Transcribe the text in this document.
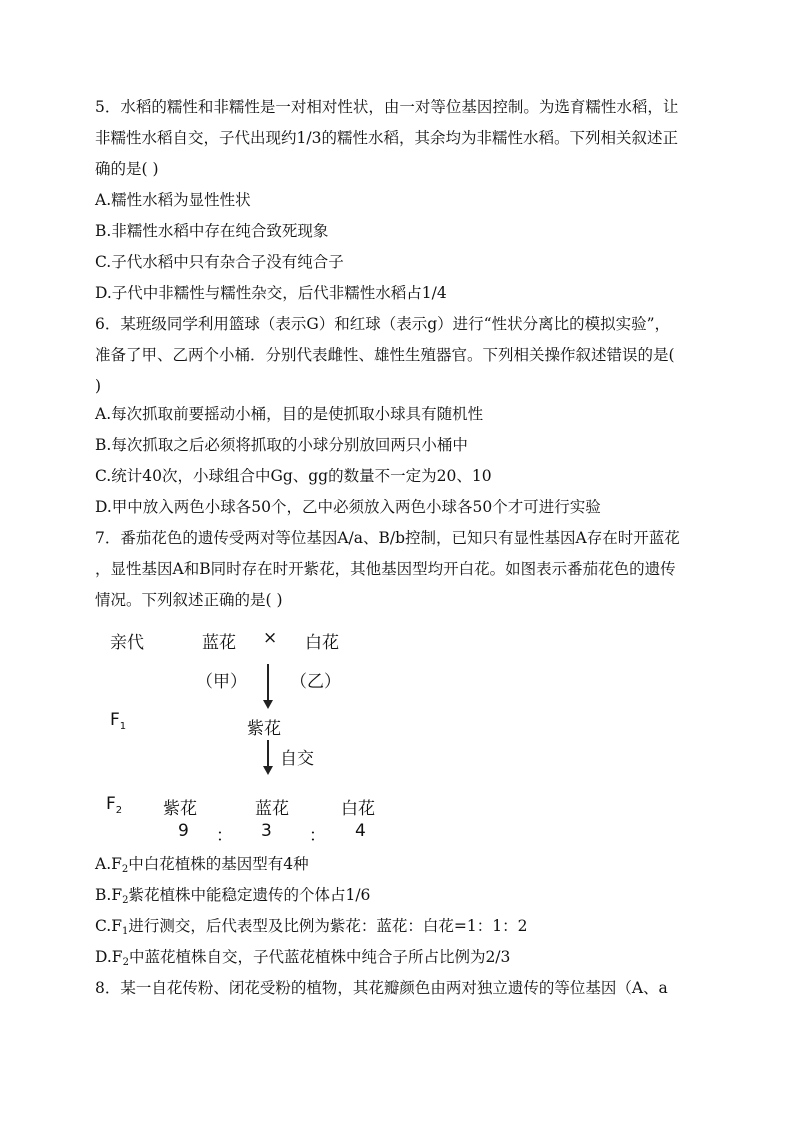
5．水稻的糯性和非糯性是一对相对性状，由一对等位基因控制。为选育糯性水稻，让
非糯性水稻自交，子代出现约1/3的糯性水稻，其余均为非糯性水稻。下列相关叙述正
确的是( )
A.糯性水稻为显性性状
B.非糯性水稻中存在纯合致死现象
C.子代水稻中只有杂合子没有纯合子
D.子代中非糯性与糯性杂交，后代非糯性水稻占1/4
6．某班级同学利用篮球（表示G）和红球（表示g）进行“性状分离比的模拟实验”，
准备了甲、乙两个小桶．分别代表雌性、雄性生殖器官。下列相关操作叙述错误的是(
)
A.每次抓取前要摇动小桶，目的是使抓取小球具有随机性
B.每次抓取之后必须将抓取的小球分别放回两只小桶中
C.统计40次，小球组合中Gg、gg的数量不一定为20、10
D.甲中放入两色小球各50个，乙中必须放入两色小球各50个才可进行实验
7．番茄花色的遗传受两对等位基因A/a、B/b控制，已知只有显性基因A存在时开蓝花
，显性基因A和B同时存在时开紫花，其他基因型均开白花。如图表示番茄花色的遗传
情况。下列叙述正确的是( )
亲代	蓝花 × 白花
（甲）	（乙）
$F_1$	紫花
自交
$F_2$ 紫花	蓝花	白花
9 ： 3 ： 4
A.F2中白花植株的基因型有4种
B.F2紫花植株中能稳定遗传的个体占1/6
C.F1进行测交，后代表型及比例为紫花：蓝花：白花=1：1：2
D.F2中蓝花植株自交，子代蓝花植株中纯合子所占比例为2/3
8．某一自花传粉、闭花受粉的植物，其花瓣颜色由两对独立遗传的等位基因（A、a
